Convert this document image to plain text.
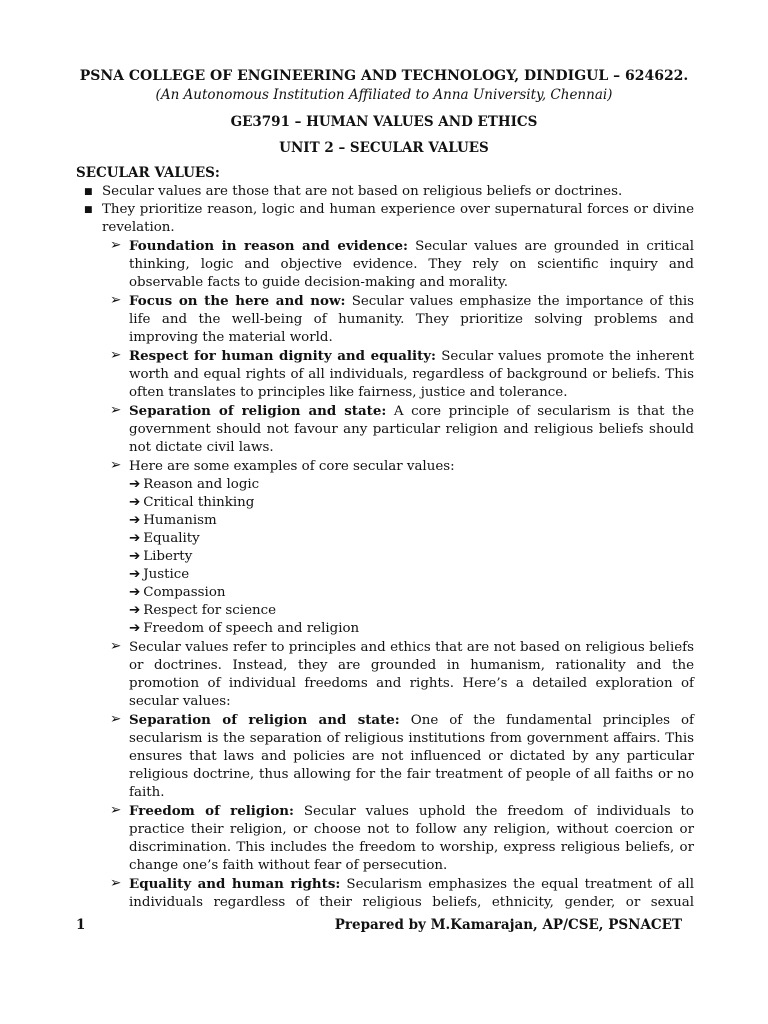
PSNA COLLEGE OF ENGINEERING AND TECHNOLOGY, DINDIGUL – 624622.
(An Autonomous Institution Affiliated to Anna University, Chennai)
GE3791 – HUMAN VALUES AND ETHICS
UNIT 2 – SECULAR VALUES
SECULAR VALUES:
■ Secular values are those that are not based on religious beliefs or doctrines.
■ They prioritize reason, logic and human experience over supernatural forces or divine revelation.
➢ Foundation in reason and evidence: Secular values are grounded in critical thinking, logic and objective evidence. They rely on scientific inquiry and observable facts to guide decision-making and morality.
➢ Focus on the here and now: Secular values emphasize the importance of this life and the well-being of humanity. They prioritize solving problems and improving the material world.
➢ Respect for human dignity and equality: Secular values promote the inherent worth and equal rights of all individuals, regardless of background or beliefs. This often translates to principles like fairness, justice and tolerance.
➢ Separation of religion and state: A core principle of secularism is that the government should not favour any particular religion and religious beliefs should not dictate civil laws.
➢ Here are some examples of core secular values:
➔ Reason and logic
➔ Critical thinking
➔ Humanism
➔ Equality
➔ Liberty
➔ Justice
➔ Compassion
➔ Respect for science
➔ Freedom of speech and religion
➢ Secular values refer to principles and ethics that are not based on religious beliefs or doctrines. Instead, they are grounded in humanism, rationality and the promotion of individual freedoms and rights. Here’s a detailed exploration of secular values:
➢ Separation of religion and state: One of the fundamental principles of secularism is the separation of religious institutions from government affairs. This ensures that laws and policies are not influenced or dictated by any particular religious doctrine, thus allowing for the fair treatment of people of all faiths or no faith.
➢ Freedom of religion: Secular values uphold the freedom of individuals to practice their religion, or choose not to follow any religion, without coercion or discrimination. This includes the freedom to worship, express religious beliefs, or change one’s faith without fear of persecution.
➢ Equality and human rights: Secularism emphasizes the equal treatment of all individuals regardless of their religious beliefs, ethnicity, gender, or sexual
1	Prepared by M.Kamarajan, AP/CSE, PSNACET
